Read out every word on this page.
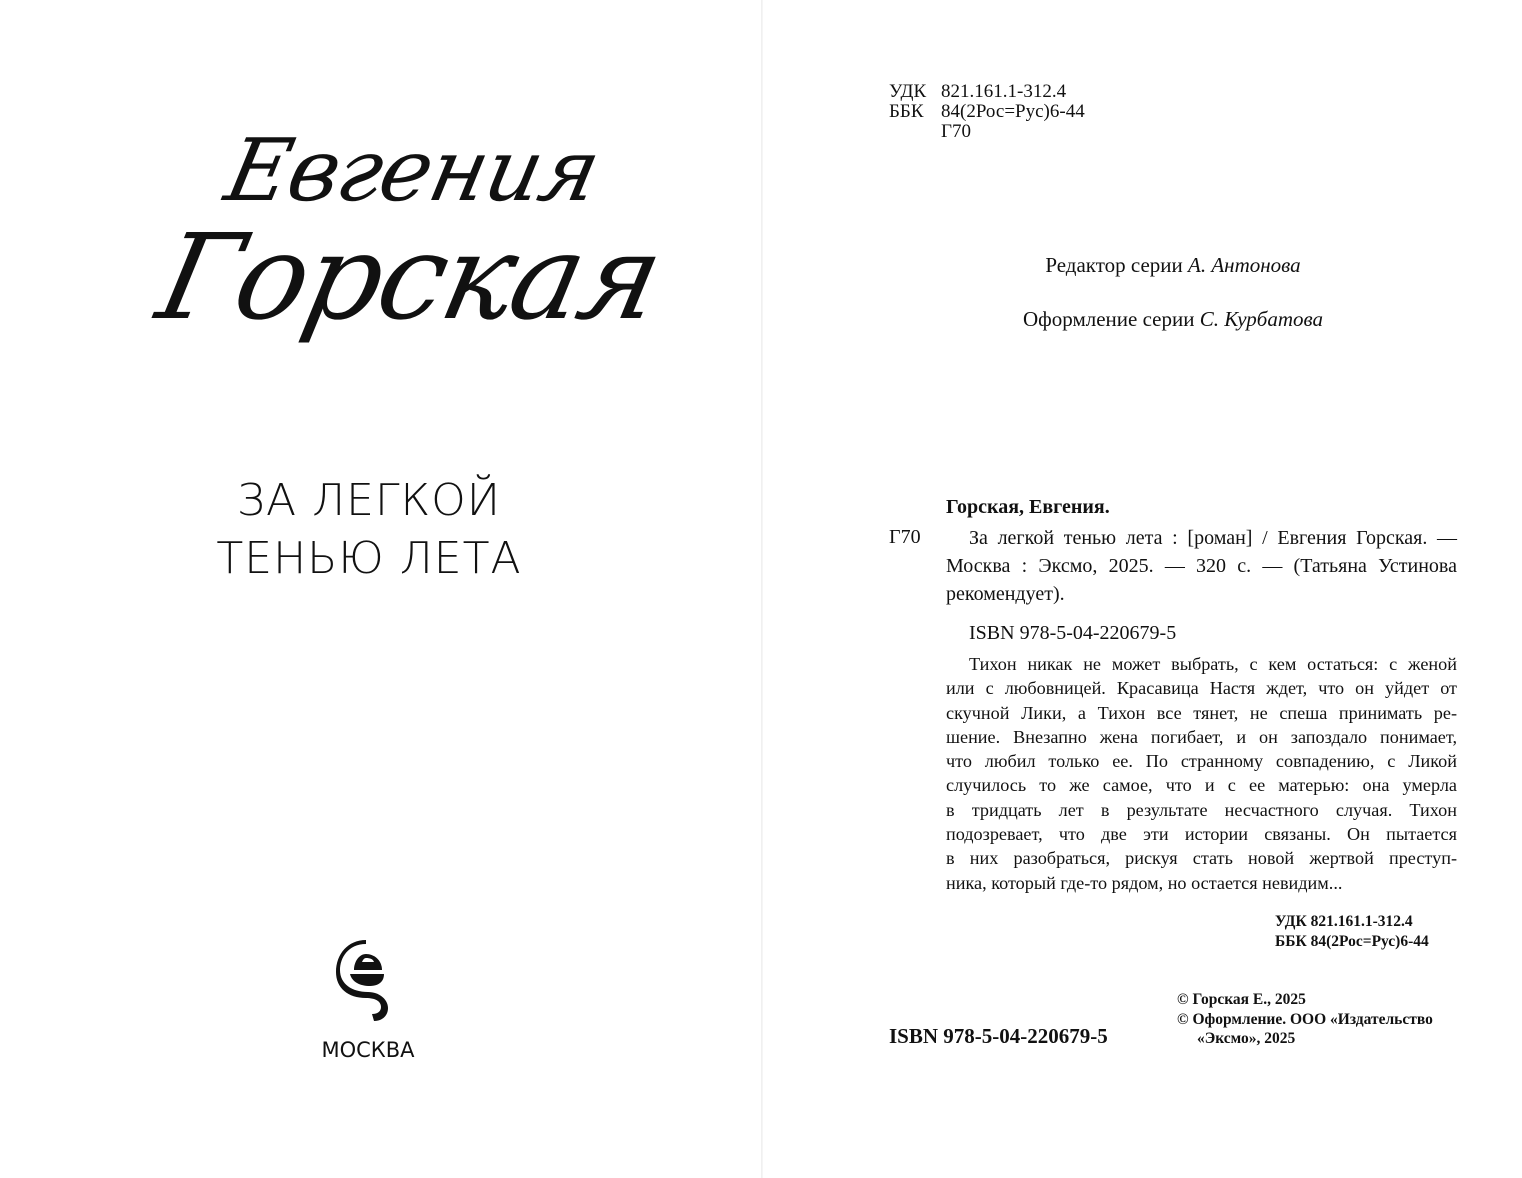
Евгения
Горская
ЗА ЛЕГКОЙ
ТЕНЬЮ ЛЕТА
МОСКВА
УДК 821.161.1-312.4
ББК 84(2Рос=Рус)6-44
Г70
Редактор серии А. Антонова
Оформление серии С. Курбатова
Горская, Евгения.
Г70	За легкой тенью лета : [роман] / Евгения Горская. — Москва : Эксмо, 2025. — 320 с. — (Татьяна Устинова рекомендует).
ISBN 978-5-04-220679-5
Тихон никак не может выбрать, с кем остаться: с женой
или с любовницей. Красавица Настя ждет, что он уйдет от
скучной Лики, а Тихон все тянет, не спеша принимать ре-
шение. Внезапно жена погибает, и он запоздало понимает,
что любил только ее. По странному совпадению, с Ликой
случилось то же самое, что и с ее матерью: она умерла
в тридцать лет в результате несчастного случая. Тихон
подозревает, что две эти истории связаны. Он пытается
в них разобраться, рискуя стать новой жертвой преступ-
ника, который где-то рядом, но остается невидим...
УДК 821.161.1-312.4
ББК 84(2Рос=Рус)6-44
ISBN 978-5-04-220679-5
© Горская Е., 2025
© Оформление. ООО «Издательство
«Эксмо», 2025
